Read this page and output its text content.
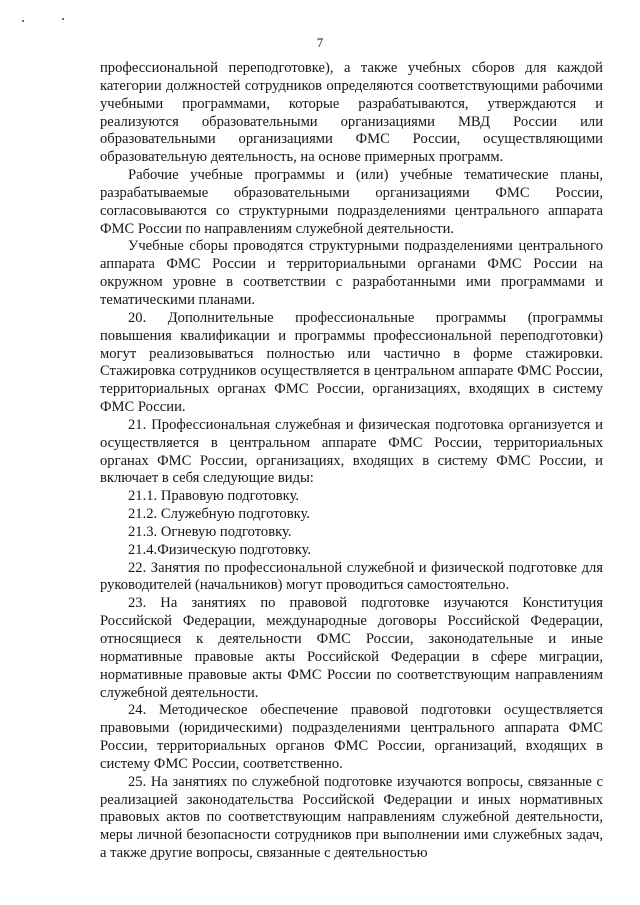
7

профессиональной переподготовке), а также учебных сборов для каждой категории должностей сотрудников определяются соответствующими рабочими учебными программами, которые разрабатываются, утверждаются и реализуются образовательными организациями МВД России или образовательными организациями ФМС России, осуществляющими образовательную деятельность, на основе примерных программ.

Рабочие учебные программы и (или) учебные тематические планы, разрабатываемые образовательными организациями ФМС России, согласовываются со структурными подразделениями центрального аппарата ФМС России по направлениям служебной деятельности.

Учебные сборы проводятся структурными подразделениями центрального аппарата ФМС России и территориальными органами ФМС России на окружном уровне в соответствии с разработанными ими программами и тематическими планами.

20. Дополнительные профессиональные программы (программы повышения квалификации и программы профессиональной переподготовки) могут реализовываться полностью или частично в форме стажировки. Стажировка сотрудников осуществляется в центральном аппарате ФМС России, территориальных органах ФМС России, организациях, входящих в систему ФМС России.

21. Профессиональная служебная и физическая подготовка организуется и осуществляется в центральном аппарате ФМС России, территориальных органах ФМС России, организациях, входящих в систему ФМС России, и включает в себя следующие виды:

21.1. Правовую подготовку.

21.2. Служебную подготовку.

21.3. Огневую подготовку.

21.4.Физическую подготовку.

22. Занятия по профессиональной служебной и физической подготовке для руководителей (начальников) могут проводиться самостоятельно.

23. На занятиях по правовой подготовке изучаются Конституция Российской Федерации, международные договоры Российской Федерации, относящиеся к деятельности ФМС России, законодательные и иные нормативные правовые акты Российской Федерации в сфере миграции, нормативные правовые акты ФМС России по соответствующим направлениям служебной деятельности.

24. Методическое обеспечение правовой подготовки осуществляется правовыми (юридическими) подразделениями центрального аппарата ФМС России, территориальных органов ФМС России, организаций, входящих в систему ФМС России, соответственно.

25. На занятиях по служебной подготовке изучаются вопросы, связанные с реализацией законодательства Российской Федерации и иных нормативных правовых актов по соответствующим направлениям служебной деятельности, меры личной безопасности сотрудников при выполнении ими служебных задач, а также другие вопросы, связанные с деятельностью
